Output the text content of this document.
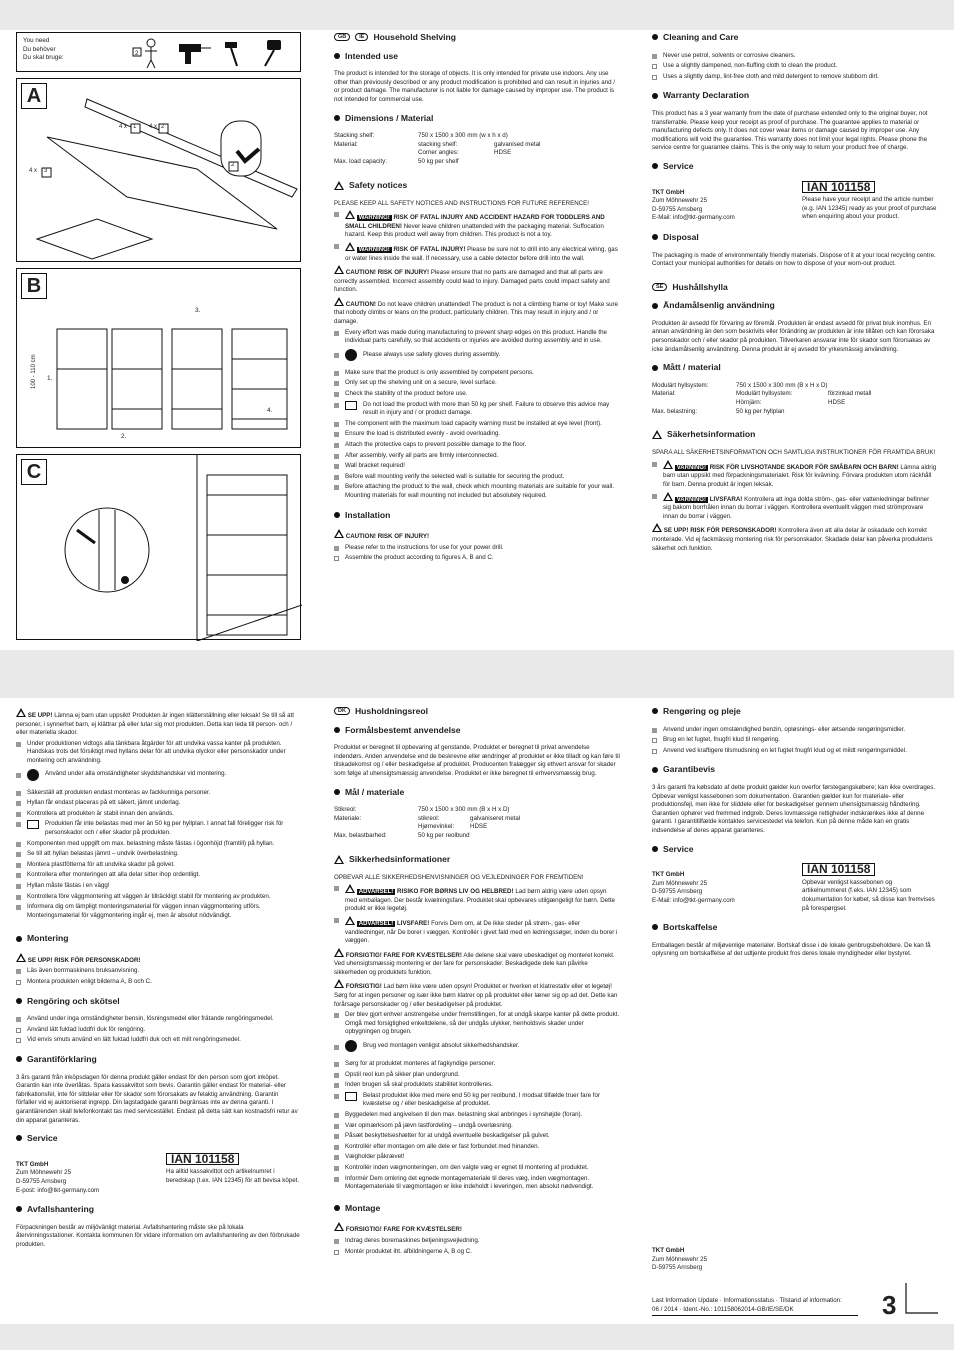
You need
Du behöver
Du skal bruge:
2
A
4 x	4 x
4 x
1	2
3
2
B
1.
2.
3.
4.
100 - 110 cm
C
GB	IE	Household Shelving
Intended use

The product is intended for the storage of objects. It is only intended for private use indoors. Any use other than previously described or any product modification is prohibited and can result in injuries and / or product damage. The manufacturer is not liable for damage caused by improper use. The product is not intended for commercial use.

Dimensions / Material
Stacking shelf:	750 x 1500 x 300 mm (w x h x d)
Material:	stacking shelf:	galvanised metal
Corner angles:	HDSE
Max. load capacity:	50 kg per shelf
Safety notices

PLEASE KEEP ALL SAFETY NOTICES AND INSTRUCTIONS FOR FUTURE REFERENCE!

WARNING! RISK OF FATAL INJURY AND ACCIDENT HAZARD FOR TODDLERS AND SMALL CHILDREN! Never leave children unattended with the packaging material. Suffocation hazard. Keep this product well away from children. This product is not a toy.
WARNING! RISK OF FATAL INJURY! Please be sure not to drill into any electrical wiring, gas or water lines inside the wall. If necessary, use a cable detector before drill into the wall.
CAUTION! RISK OF INJURY! Please ensure that no parts are damaged and that all parts are correctly assembled. Incorrect assembly could lead to injury. Damaged parts could impact safety and function.
CAUTION! Do not leave children unattended! The product is not a climbing frame or toy! Make sure that nobody climbs or leans on the product, particularly children. This may result in injury and / or damage.
Every effort was made during manufacturing to prevent sharp edges on this product. Handle the individual parts carefully, so that accidents or injuries are avoided during assembly and in use.
Please always use safety gloves during assembly.
Make sure that the product is only assembled by competent persons.
Only set up the shelving unit on a secure, level surface.
Check the stability of the product before use.
Do not load the product with more than 50 kg per shelf. Failure to observe this advice may result in injury and / or product damage.
The component with the maximum load capacity warning must be installed at eye level (front).
Ensure the load is distributed evenly - avoid overloading.
Attach the protective caps to prevent possible damage to the floor.
After assembly, verify all parts are firmly interconnected.
Wall bracket required!
Before wall mounting verify the selected wall is suitable for securing the product.
Before attaching the product to the wall, check which mounting materials are suitable for your wall. Mounting materials for wall mounting not included but absolutely required.
Installation
CAUTION! RISK OF INJURY!
Please refer to the instructions for use for your power drill.
Assemble the product according to figures A, B and C.
Cleaning and Care
Never use petrol, solvents or corrosive cleaners.
Use a slightly dampened, non-fluffing cloth to clean the product.
Uses a slightly damp, lint-free cloth and mild detergent to remove stubborn dirt.
Warranty Declaration

This product has a 3 year warranty from the date of purchase extended only to the original buyer, not transferrable. Please keep your receipt as proof of purchase. The guarantee applies to material or manufacturing defects only. It does not cover wear items or damage caused by improper use. Any modifications will void the guarantee. This warranty does not limit your legal rights. Please phone the service centre for guarantee claims. This is the only way to return your product free of charge.

Service
TKT GmbH
Zum Möhnewehr 25
D-59755 Arnsberg
E-Mail: info@tkt-germany.com
IAN 101158
Please have your receipt and the article number (e.g. IAN 12345) ready as your proof of purchase when enquiring about your product.
Disposal

The packaging is made of environmentally friendly materials. Dispose of it at your local recycling centre. Contact your municipal authorities for details on how to dispose of your worn-out product.

SE	Hushållshylla
Ändamålsenlig användning

Produkten är avsedd för förvaring av föremål. Produkten är endast avsedd för privat bruk inomhus. En annan användning än den som beskrivits eller förändring av produkten är inte tillåten och kan förorsaka personskador och / eller skador på produkten. Tillverkaren ansvarar inte för skador som förorsakas av icke ändamålsenlig användning. Denna produkt är ej avsedd för yrkesmässig användning.

Mått / material
Modulärt hyllsystem:	750 x 1500 x 300 mm (B x H x D)
Material:	Modulärt hyllsystem:	förzinkad metall
Hörnjärn:	HDSE
Max. belastning:	50 kg per hyllplan
Säkerhetsinformation

SPARA ALL SÄKERHETSINFORMATION OCH SAMTLIGA INSTRUKTIONER FÖR FRAMTIDA BRUK!

VARNING! RISK FÖR LIVSHOTANDE SKADOR FÖR SMÅBARN OCH BARN! Lämna aldrig barn utan uppsikt med förpackningsmaterialet. Risk för kvävning. Förvara produkten utom räckhåll för barn. Denna produkt är ingen leksak.
VARNING! LIVSFARA! Kontrollera att inga dolda ström-, gas- eller vattenledningar befinner sig bakom borrhålen innan du borrar i väggen. Kontrollera eventuellt väggen med strömprovare innan du borrar i väggen.
SE UPP! RISK FÖR PERSONSKADOR! Kontrollera även att alla delar är oskadade och korrekt monterade. Vid ej fackmässig montering risk för personskador. Skadade delar kan påverka produktens säkerhet och funktion.
SE UPP! Lämna ej barn utan uppsikt! Produkten är ingen klätterställning eller leksak! Se till så att personer, i synnerhet barn, ej klättrar på eller lutar sig mot produkten. Detta kan leda till person- och / eller materiella skador.
Under produktionen vidtogs alla tänkbara åtgärder för att undvika vassa kanter på produkten. Handskas trots det försiktigt med hyllans delar för att undvika olyckor eller personskador under montering och användning.
Använd under alla omständigheter skyddshandskar vid montering.
Säkerställ att produkten endast monteras av fackkunniga personer.
Hyllan får endast placeras på ett säkert, jämnt underlag.
Kontrollera att produkten är stabil innan den används.
Produkten får inte belastas med mer än 50 kg per hyllplan. I annat fall föreligger risk för personskador och / eller skador på produkten.
Komponenten med uppgift om max. belastning måste fästas i ögonhöjd (framtill) på hyllan.
Se till att hyllan belastas jämnt – undvik överbelastning.
Montera plastfötterna för att undvika skador på golvet.
Kontrollera efter monteringen att alla delar sitter ihop ordentligt.
Hyllan måste fästas i en vägg!
Kontrollera före väggmontering att väggen är tillräckligt stabil för montering av produkten.
Informera dig om lämpligt monteringsmaterial för väggen innan väggmontering utförs. Monteringsmaterial för väggmontering ingår ej, men är absolut nödvändigt.
Montering
SE UPP! RISK FÖR PERSONSKADOR!
Läs även borrmaskinens bruksanvisning.
Montera produkten enligt bilderna A, B och C.
Rengöring och skötsel
Använd under inga omständigheter bensin, lösningsmedel eller frätande rengöringsmedel.
Använd lätt fuktad luddfri duk för rengöring.
Vid envis smuts använd en lätt fuktad luddfri duk och ett milt rengöringsmedel.
Garantiförklaring

3 års garanti från inköpsdagen för denna produkt gäller endast för den person som gjort inköpet. Garantin kan inte överlåtas. Spara kassakvittot som bevis. Garantin gäller endast för material- eller fabrikationsfel, inte för slitdelar eller för skador som förorsakats av felaktig användning. Garantin förfaller vid ej auktoriserat ingrepp. Din lagstadgade garanti begränsas inte av denna garanti. I garantiärenden skall telefonkontakt tas med servicestället. Endast på detta sätt kan kostnadsfri retur av din apparat garanteras.

Service
TKT GmbH
Zum Möhnewehr 25
D-59755 Arnsberg
E-post: info@tkt-germany.com
IAN 101158
Ha alltid kassakvittot och artikelnumret i beredskap (t.ex. IAN 12345) för att bevisa köpet.
Avfallshantering

Förpackningen består av miljövänligt material. Avfallshantering måste ske på lokala återvinningsstationer. Kontakta kommunen för vidare information om avfallshantering av den förbrukade produkten.

DK	Husholdningsreol
Formålsbestemt anvendelse

Produktet er beregnet til opbevaring af genstande. Produktet er beregnet til privat anvendelse indendørs. Anden anvendelse end de beskrevne eller ændringer af produktet er ikke tilladt og kan føre til tilskadekomst og / eller beskadigelse af produktet. Producenten fralægger sig ethvert ansvar for skader som følge af uhensigtsmæssig anvendelse. Produktet er ikke beregnet til erhvervsmæssig brug.

Mål / materiale
Stikreol:	750 x 1500 x 300 mm (B x H x D)
Materiale:	stikreol:	galvaniseret metal
Hjørnevinkel:	HDSE
Max. belastbarhed:	50 kg per reolbund
Sikkerhedsinformationer

OPBEVAR ALLE SIKKERHEDSHENVISNINGER OG VEJLEDNINGER FOR FREMTIDEN!

ADVARSEL! RISIKO FOR BØRNS LIV OG HELBRED! Lad børn aldrig være uden opsyn med emballagen. Der består kvælningsfare. Produktet skal opbevares utilgængeligt for børn. Dette produkt er ikke legetøj.
ADVARSEL! LIVSFARE! Forvis Dem om, at De ikke steder på strøm-, gas- eller vandledninger, når De borer i væggen. Kontrollér i givet fald med en ledningssøger, inden du borer i væggen.
FORSIGTIG! FARE FOR KVÆSTELSER! Alle delene skal være ubeskadiget og monteret korrekt. Ved uhensigtsmæssig montering er der fare for personskader. Beskadigede dele kan påvirke sikkerheden og produktets funktion.
FORSIGTIG! Lad børn ikke være uden opsyn! Produktet er hverken et klatrestativ eller et legetøj! Sørg for at ingen personer og især ikke børn klatrer op på produktet eller læner sig op ad det. Dette kan forårsage personskader og / eller beskadigelser på produktet.
Der blev gjort enhver anstrengelse under fremstillingen, for at undgå skarpe kanter på dette produkt. Omgå med forsigtighed enkeltdelene, så der undgås ulykker, henholdsvis skader under opbygningen og brugen.
Brug ved montagen venligst absolut sikkerhedshandsker.
Sørg for at produktet monteres af fagkyndige personer.
Opstil reol kun på sikker plan undergrund.
Inden brugen så skal produktets stabilitet kontrolleres.
Belast produktet ikke med mere end 50 kg per reolbund. I modsat tilfælde truer fare for kvæstelse og / eller beskadigelse af produktet.
Byggedelen med angivelsen til den max. belastning skal anbringes i synshøjde (foran).
Vær opmærksom på jævn lastfordeling – undgå overlæsning.
Påsæt beskyttelseshætter for at undgå eventuelle beskadigelser på gulvet.
Kontrollér efter montagen om alle dele er fast forbundet med hinanden.
Vægholder påkrævet!
Kontrollér inden vægmonteringen, om den valgte væg er egnet til montering af produktet.
Informér Dem omkring det egnede montagemateriale til deres væg, inden vægmontagen. Montagemateriale til vægmontagen er ikke indeholdt i leveringen, men absolut nødvendigt.
Montage
FORSIGTIG! FARE FOR KVÆSTELSER!
Indrag deres boremaskines betjeningsvejledning.
Montér produktet iht. afbildningerne A, B og C.
Rengøring og pleje
Anvend under ingen omstændighed benzin, opløsnings- eller ætsende rengøringsmidler.
Brug en let fugtet, fnugfri klud til rengøring.
Anvend ved kraftigere tilsmudsning en let fugtet fnugfri klud og et mildt rengøringsmiddel.
Garantibevis

3 års garanti fra købsdato af dette produkt gælder kun overfor førstegangskøbere; kan ikke overdrages. Opbevar venligst kassebonen som dokumentation. Garantien gælder kun for materiale- eller produktionsfejl, men ikke for sliddele eller for beskadigelser gennem uhensigtsmæssig håndtering. Garantien ophører ved fremmed indgreb. Deres lovmæssige rettigheder indskrænkes ikke af denne garanti. I garantitilfælde kontaktes servicestedet via telefon. Kun på denne måde kan en gratis indsendelse af deres apparat garanteres.

Service
TKT GmbH
Zum Möhnewehr 25
D-59755 Arnsberg
E-Mail: info@tkt-germany.com
IAN 101158
Opbevar venligst kassebonen og artikelnummeret (f.eks. IAN 12345) som dokumentation for købet, så disse kan fremvises på forespørgsel.
Bortskaffelse

Emballagen består af miljøvenlige materialer. Bortskaf disse i de lokale genbrugsbeholdere. De kan få oplysning om bortskaffelse af det udtjente produkt fros deres lokale myndigheder eller bystyret.

TKT GmbH
Zum Möhnewehr 25
D-59755 Arnsberg
Last Information Update · Informationsstatus · Tilstand af information:
06 / 2014 · Ident.-No.: 101158062014-GB/IE/SE/DK	3
